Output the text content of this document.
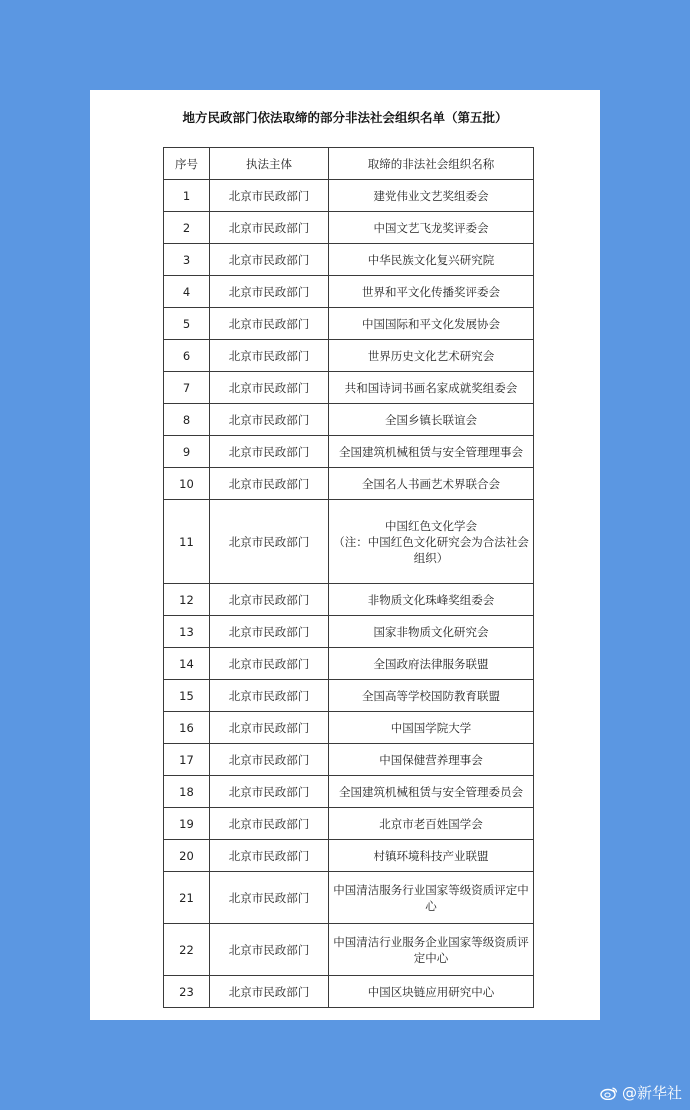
地方民政部门依法取缔的部分非法社会组织名单（第五批）
序号	执法主体	取缔的非法社会组织名称
1	北京市民政部门	建党伟业文艺奖组委会

2	北京市民政部门	中国文艺飞龙奖评委会

3	北京市民政部门	中华民族文化复兴研究院

4	北京市民政部门	世界和平文化传播奖评委会

5	北京市民政部门	中国国际和平文化发展协会

6	北京市民政部门	世界历史文化艺术研究会

7	北京市民政部门	共和国诗词书画名家成就奖组委会

8	北京市民政部门	全国乡镇长联谊会

9	北京市民政部门	全国建筑机械租赁与安全管理理事会

10	北京市民政部门	全国名人书画艺术界联合会

11	北京市民政部门	中国红色文化学会
（注：中国红色文化研究会为合法社会组织）

12	北京市民政部门	非物质文化珠峰奖组委会

13	北京市民政部门	国家非物质文化研究会

14	北京市民政部门	全国政府法律服务联盟

15	北京市民政部门	全国高等学校国防教育联盟

16	北京市民政部门	中国国学院大学

17	北京市民政部门	中国保健营养理事会

18	北京市民政部门	全国建筑机械租赁与安全管理委员会

19	北京市民政部门	北京市老百姓国学会

20	北京市民政部门	村镇环境科技产业联盟

21	北京市民政部门	中国清洁服务行业国家等级资质评定中心

22	北京市民政部门	中国清洁行业服务企业国家等级资质评定中心

23	北京市民政部门	中国区块链应用研究中心
@新华社
